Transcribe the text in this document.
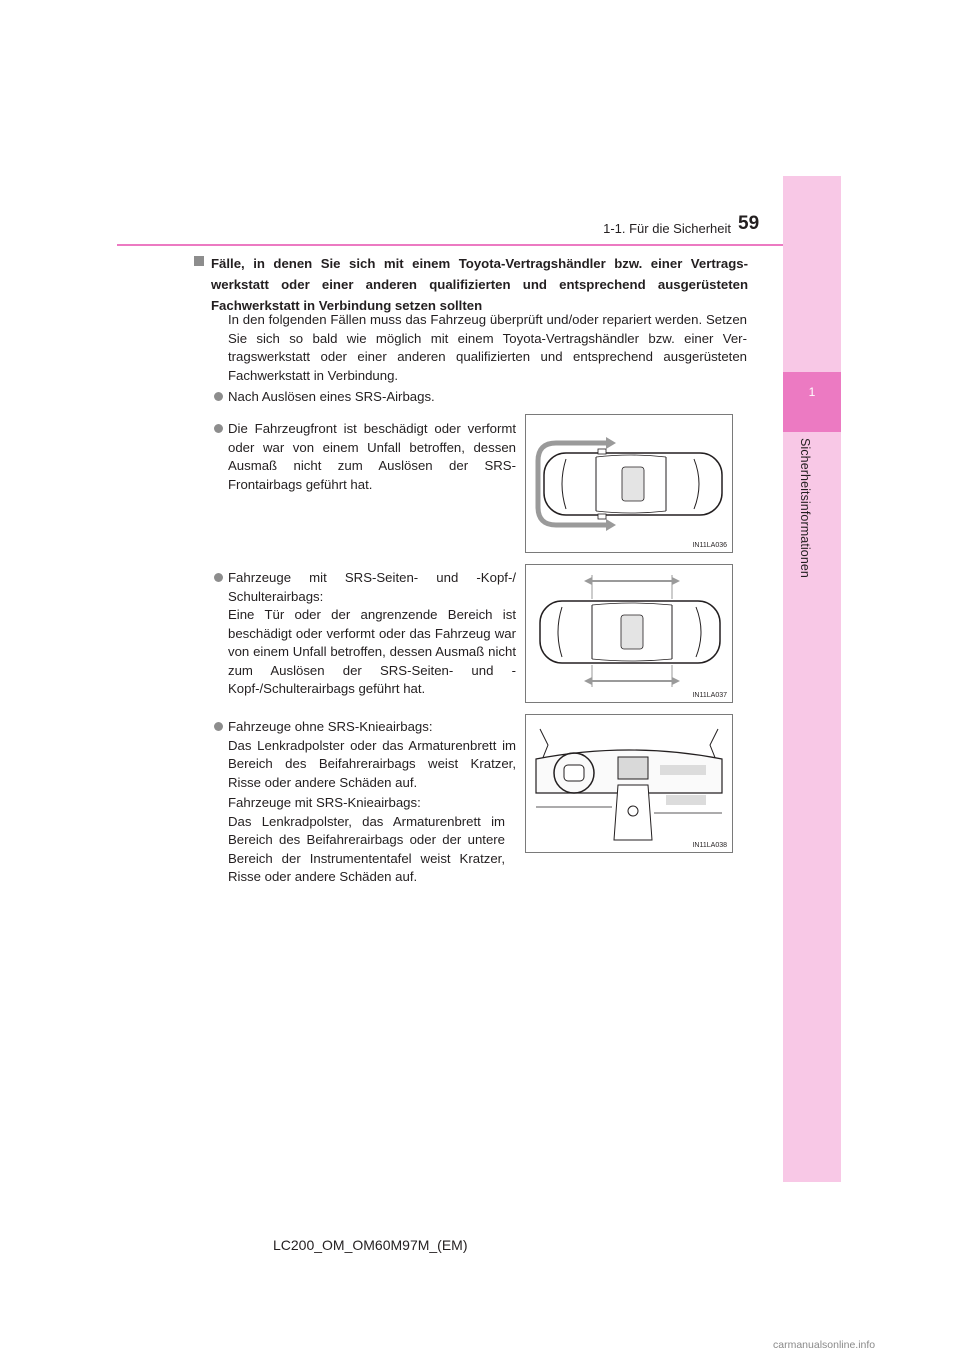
1
Sicherheitsinformationen
1-1. Für die Sicherheit 59

Fälle, in denen Sie sich mit einem Toyota-Vertragshändler bzw. einer Vertragswerkstatt oder einer anderen qualifizierten und entsprechend ausgerüsteten Fachwerkstatt in Verbindung setzen sollten

In den folgenden Fällen muss das Fahrzeug überprüft und/oder repariert werden. Setzen Sie sich so bald wie möglich mit einem Toyota-Vertragshändler bzw. einer Vertragswerkstatt oder einer anderen qualifizierten und entsprechend ausgerüsteten Fachwerkstatt in Verbindung.

Nach Auslösen eines SRS-Airbags.
Die Fahrzeugfront ist beschädigt oder verformt oder war von einem Unfall betroffen, dessen Ausmaß nicht zum Auslösen der SRS-Frontairbags geführt hat.
Fahrzeuge mit SRS-Seiten- und -Kopf-/ Schulterairbags:
Eine Tür oder der angrenzende Bereich ist beschädigt oder verformt oder das Fahrzeug war von einem Unfall betroffen, dessen Ausmaß nicht zum Auslösen der SRS-Seiten- und -Kopf-/Schulterairbags geführt hat.
Fahrzeuge ohne SRS-Knieairbags:
Das Lenkradpolster oder das Armaturenbrett im Bereich des Beifahrerairbags weist Kratzer, Risse oder andere Schäden auf.

Fahrzeuge mit SRS-Knieairbags:
Das Lenkradpolster, das Armaturenbrett im Bereich des Beifahrerairbags oder der untere Bereich der Instrumententafel weist Kratzer, Risse oder andere Schäden auf.

IN11LA036
IN11LA037
IN11LA038
LC200_OM_OM60M97M_(EM)
carmanualsonline.info
